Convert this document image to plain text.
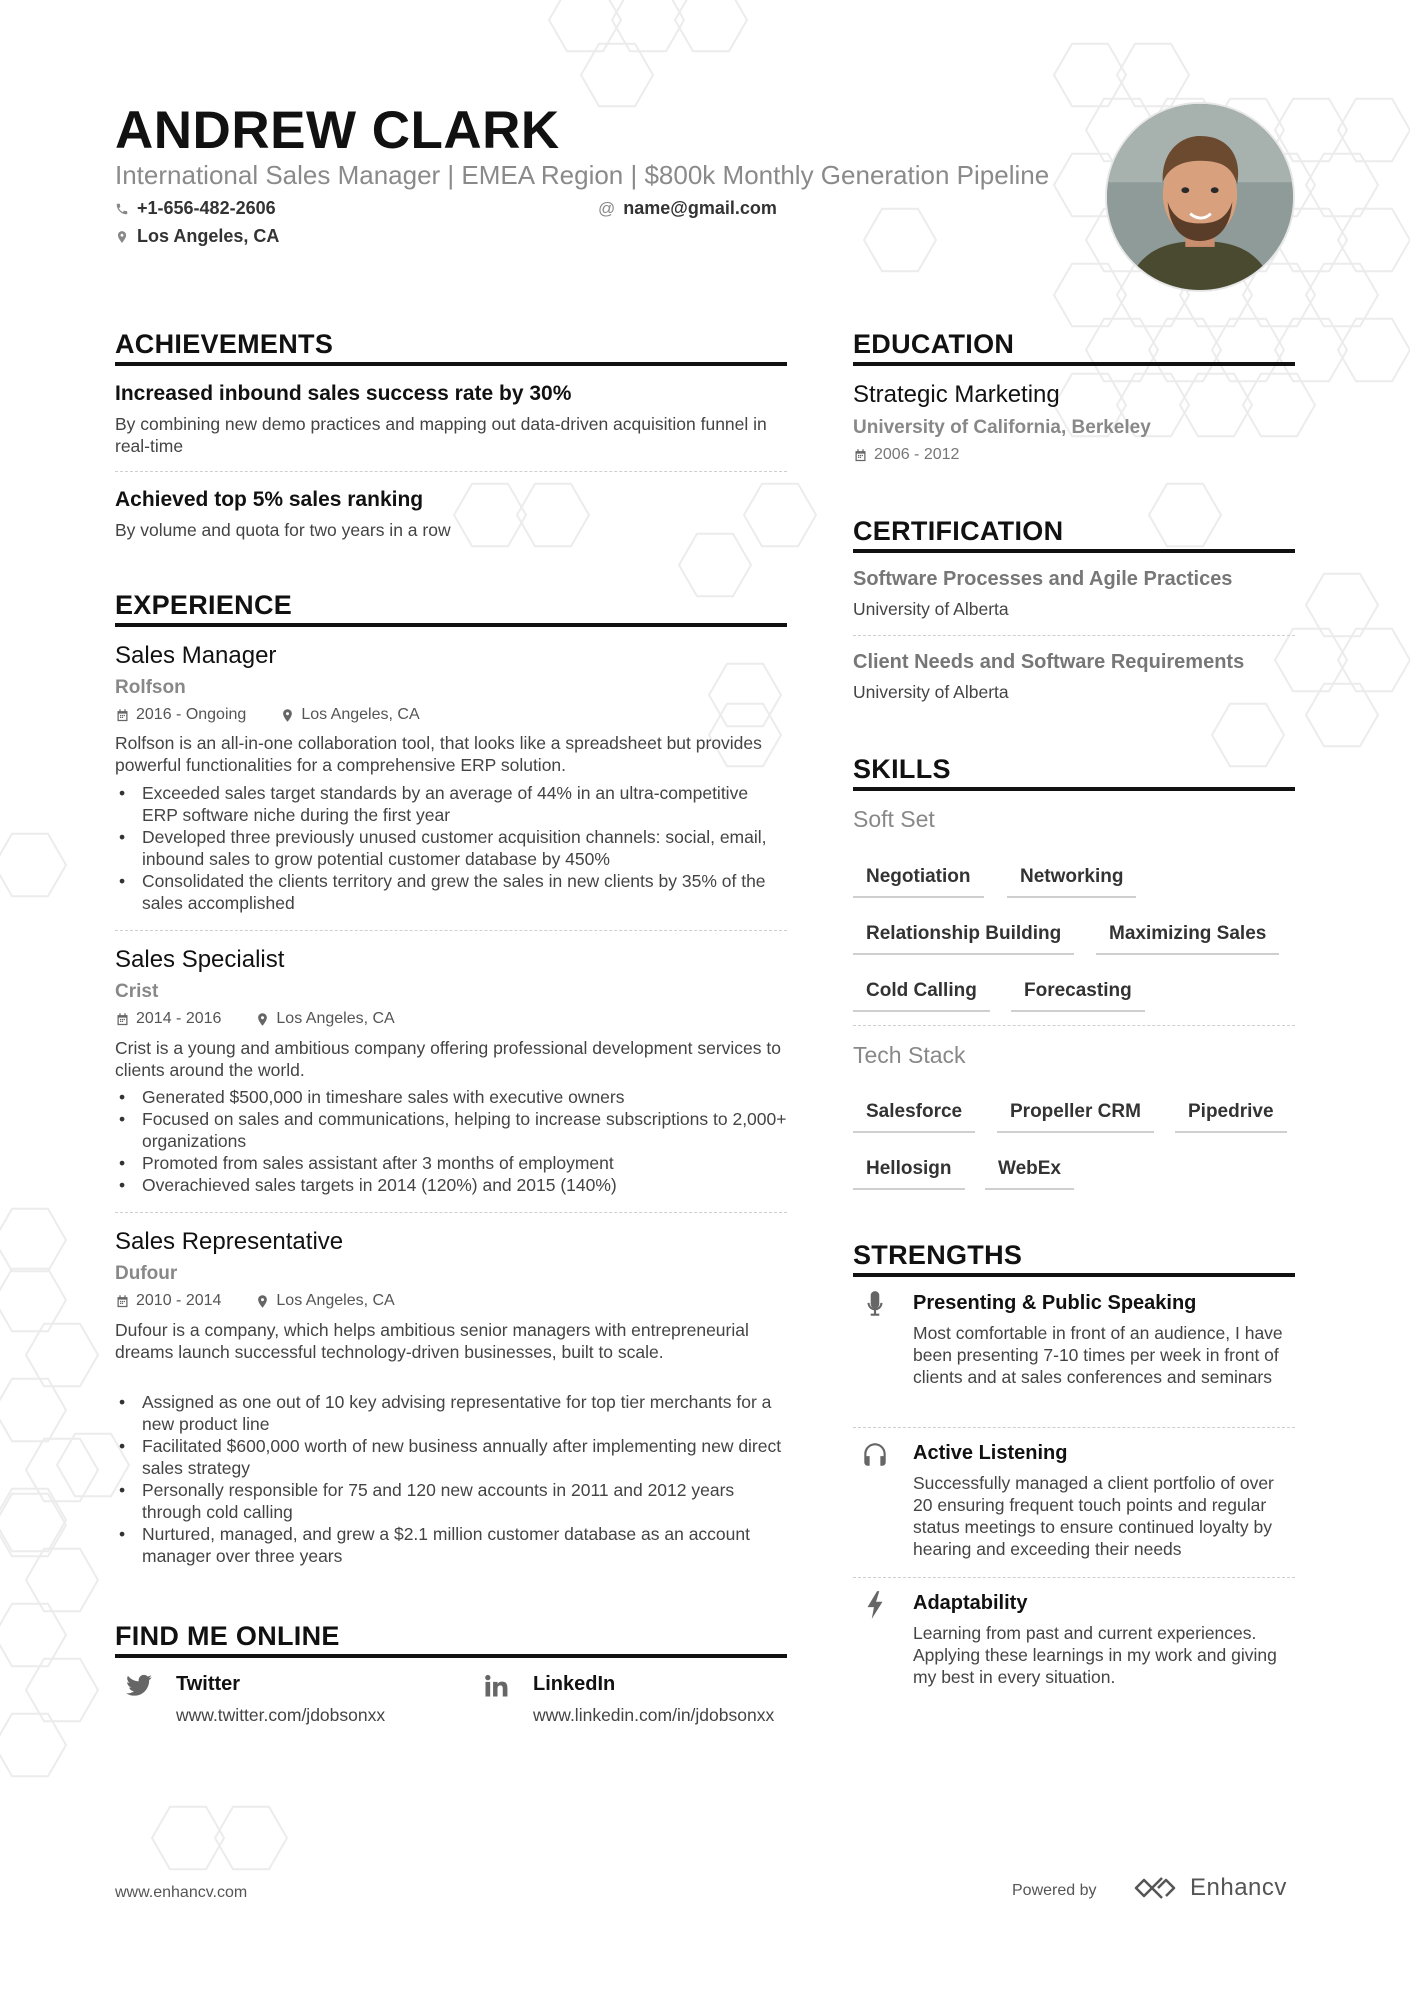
ANDREW CLARK
International Sales Manager | EMEA Region | $800k Monthly Generation Pipeline
+1-656-482-2606	@ name@gmail.com
Los Angeles, CA
ACHIEVEMENTS
Increased inbound sales success rate by 30%
By combining new demo practices and mapping out data-driven acquisition funnel in real-time
Achieved top 5% sales ranking
By volume and quota for two years in a row
EXPERIENCE
Sales Manager
Rolfson
2016 - Ongoing	Los Angeles, CA
Rolfson is an all-in-one collaboration tool, that looks like a spreadsheet but provides powerful functionalities for a comprehensive ERP solution.
• Exceeded sales target standards by an average of 44% in an ultra-competitive ERP software niche during the first year
• Developed three previously unused customer acquisition channels: social, email, inbound sales to grow potential customer database by 450%
• Consolidated the clients territory and grew the sales in new clients by 35% of the sales accomplished
Sales Specialist
Crist
2014 - 2016	Los Angeles, CA
Crist is a young and ambitious company offering professional development services to clients around the world.
• Generated $500,000 in timeshare sales with executive owners
• Focused on sales and communications, helping to increase subscriptions to 2,000+ organizations
• Promoted from sales assistant after 3 months of employment
• Overachieved sales targets in 2014 (120%) and 2015 (140%)
Sales Representative
Dufour
2010 - 2014	Los Angeles, CA
Dufour is a company, which helps ambitious senior managers with entrepreneurial dreams launch successful technology-driven businesses, built to scale.
• Assigned as one out of 10 key advising representative for top tier merchants for a new product line
• Facilitated $600,000 worth of new business annually after implementing new direct sales strategy
• Personally responsible for 75 and 120 new accounts in 2011 and 2012 years through cold calling
• Nurtured, managed, and grew a $2.1 million customer database as an account manager over three years
FIND ME ONLINE
Twitter
www.twitter.com/jdobsonxx
LinkedIn
www.linkedin.com/in/jdobsonxx
EDUCATION
Strategic Marketing
University of California, Berkeley
2006 - 2012
CERTIFICATION
Software Processes and Agile Practices
University of Alberta
Client Needs and Software Requirements
University of Alberta
SKILLS
Soft Set
Negotiation	Networking
Relationship Building	Maximizing Sales
Cold Calling	Forecasting
Tech Stack
Salesforce	Propeller CRM	Pipedrive
Hellosign	WebEx
STRENGTHS
Presenting & Public Speaking
Most comfortable in front of an audience, I have been presenting 7-10 times per week in front of clients and at sales conferences and seminars
Active Listening
Successfully managed a client portfolio of over 20 ensuring frequent touch points and regular status meetings to ensure continued loyalty by hearing and exceeding their needs
Adaptability
Learning from past and current experiences. Applying these learnings in my work and giving my best in every situation.
www.enhancv.com	Powered by	Enhancv
